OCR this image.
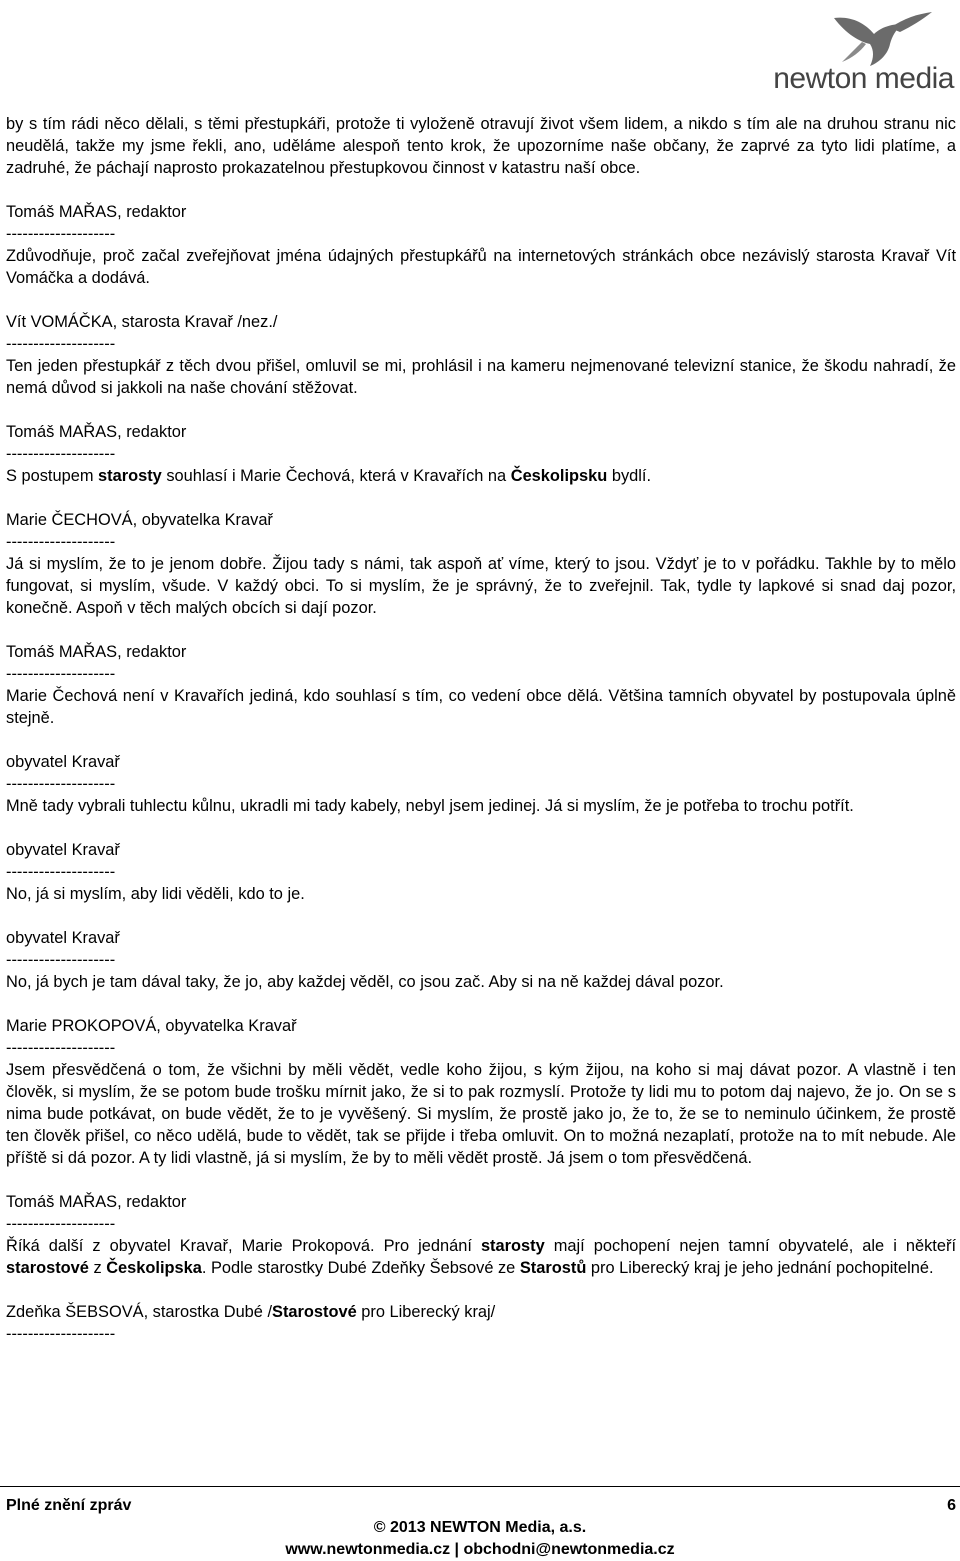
newton media

by s tím rádi něco dělali, s těmi přestupkáři, protože ti vyloženě otravují život všem lidem, a nikdo s tím ale na druhou stranu nic neudělá, takže my jsme řekli, ano, uděláme alespoň tento krok, že upozorníme naše občany, že zaprvé za tyto lidi platíme, a zadruhé, že páchají naprosto prokazatelnou přestupkovou činnost v katastru naší obce.

Tomáš MAŘAS, redaktor

--------------------

Zdůvodňuje, proč začal zveřejňovat jména údajných přestupkářů na internetových stránkách obce nezávislý starosta Kravař Vít Vomáčka a dodává.

Vít VOMÁČKA, starosta Kravař /nez./

--------------------

Ten jeden přestupkář z těch dvou přišel, omluvil se mi, prohlásil i na kameru nejmenované televizní stanice, že škodu nahradí, že nemá důvod si jakkoli na naše chování stěžovat.

Tomáš MAŘAS, redaktor

--------------------

S postupem starosty souhlasí i Marie Čechová, která v Kravařích na Českolipsku bydlí.

Marie ČECHOVÁ, obyvatelka Kravař

--------------------

Já si myslím, že to je jenom dobře. Žijou tady s námi, tak aspoň ať víme, který to jsou. Vždyť je to v pořádku. Takhle by to mělo fungovat, si myslím, všude. V každý obci. To si myslím, že je správný, že to zveřejnil. Tak, tydle ty lapkové si snad daj pozor, konečně. Aspoň v těch malých obcích si dají pozor.

Tomáš MAŘAS, redaktor

--------------------

Marie Čechová není v Kravařích jediná, kdo souhlasí s tím, co vedení obce dělá. Většina tamních obyvatel by postupovala úplně stejně.

obyvatel Kravař

--------------------

Mně tady vybrali tuhlectu kůlnu, ukradli mi tady kabely, nebyl jsem jedinej. Já si myslím, že je potřeba to trochu potřít.

obyvatel Kravař

--------------------

No, já si myslím, aby lidi věděli, kdo to je.

obyvatel Kravař

--------------------

No, já bych je tam dával taky, že jo, aby každej věděl, co jsou zač. Aby si na ně každej dával pozor.

Marie PROKOPOVÁ, obyvatelka Kravař

--------------------

Jsem přesvědčená o tom, že všichni by měli vědět, vedle koho žijou, s kým žijou, na koho si maj dávat pozor. A vlastně i ten člověk, si myslím, že se potom bude trošku mírnit jako, že si to pak rozmyslí. Protože ty lidi mu to potom daj najevo, že jo. On se s nima bude potkávat, on bude vědět, že to je vyvěšený. Si myslím, že prostě jako jo, že to, že se to neminulo účinkem, že prostě ten člověk přišel, co něco udělá, bude to vědět, tak se přijde i třeba omluvit. On to možná nezaplatí, protože na to mít nebude. Ale příště si dá pozor. A ty lidi vlastně, já si myslím, že by to měli vědět prostě. Já jsem o tom přesvědčená.

Tomáš MAŘAS, redaktor

--------------------

Říká další z obyvatel Kravař, Marie Prokopová. Pro jednání starosty mají pochopení nejen tamní obyvatelé, ale i někteří starostové z Českolipska. Podle starostky Dubé Zdeňky Šebsové ze Starostů pro Liberecký kraj je jeho jednání pochopitelné.

Zdeňka ŠEBSOVÁ, starostka Dubé /Starostové pro Liberecký kraj/

--------------------

Plné znění zpráv	6
© 2013 NEWTON Media, a.s.
www.newtonmedia.cz | obchodni@newtonmedia.cz
